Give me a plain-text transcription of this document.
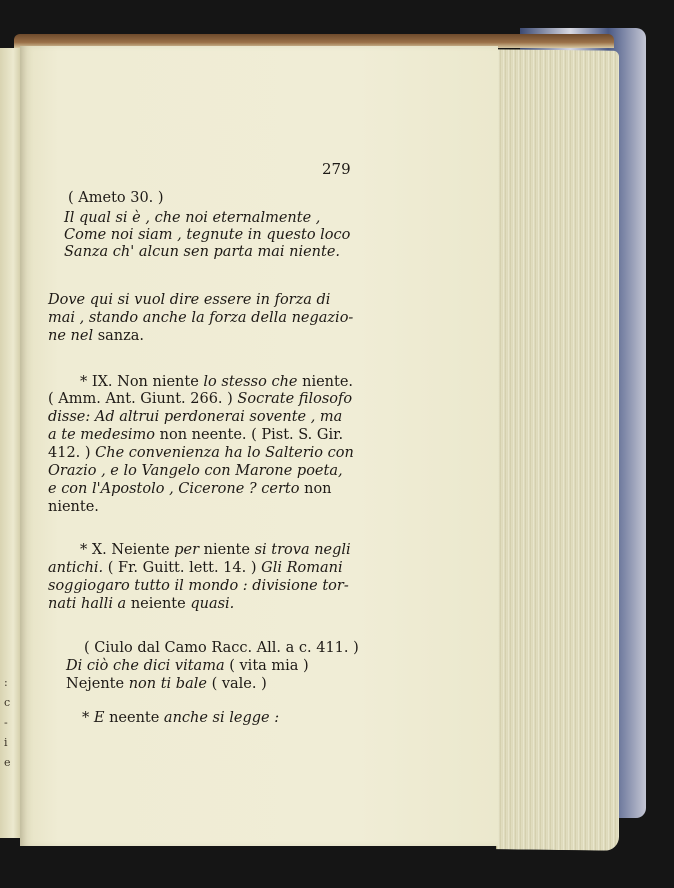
:
c
-
i
e
279
( Ameto 30. )
Il qual si è , che noi eternalmente ,
Come noi siam , tegnute in questo loco
Sanza ch' alcun sen parta mai niente.
Dove qui si vuol dire essere in forza di
mai , stando anche la forza della negazio-
ne nel sanza.
* IX. Non niente lo stesso che niente.
( Amm. Ant. Giunt. 266. ) Socrate filosofo
disse: Ad altrui perdonerai sovente , ma
a te medesimo non neente. ( Pist. S. Gir.
412. ) Che convenienza ha lo Salterio con
Orazio , e lo Vangelo con Marone poeta,
e con l'Apostolo , Cicerone ? certo non
niente.
* X. Neiente per niente si trova negli
antichi. ( Fr. Guitt. lett. 14. ) Gli Romani
soggiogaro tutto il mondo : divisione tor-
nati halli a neiente quasi.
( Ciulo dal Camo Racc. All. a c. 411. )
Di ciò che dici vitama ( vita mia )
Nejente non ti bale ( vale. )
* E neente anche si legge :
